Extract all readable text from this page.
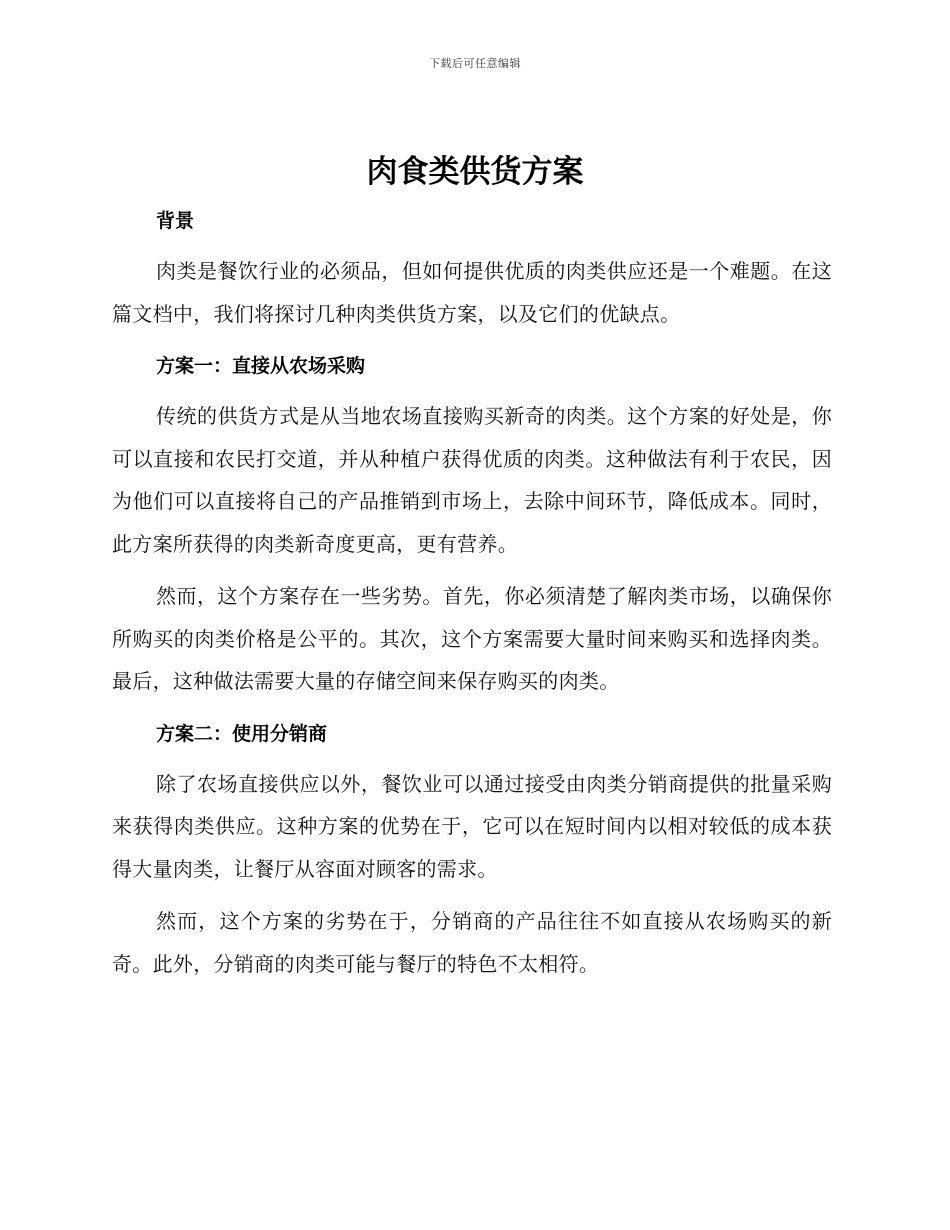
下载后可任意编辑
肉食类供货方案
背景

肉类是餐饮行业的必须品，但如何提供优质的肉类供应还是一个难题。在这篇文档中，我们将探讨几种肉类供货方案，以及它们的优缺点。

方案一：直接从农场采购

传统的供货方式是从当地农场直接购买新奇的肉类。这个方案的好处是，你可以直接和农民打交道，并从种植户获得优质的肉类。这种做法有利于农民，因为他们可以直接将自己的产品推销到市场上，去除中间环节，降低成本。同时，此方案所获得的肉类新奇度更高，更有营养。

然而，这个方案存在一些劣势。首先，你必须清楚了解肉类市场，以确保你所购买的肉类价格是公平的。其次，这个方案需要大量时间来购买和选择肉类。最后，这种做法需要大量的存储空间来保存购买的肉类。

方案二：使用分销商

除了农场直接供应以外，餐饮业可以通过接受由肉类分销商提供的批量采购来获得肉类供应。这种方案的优势在于，它可以在短时间内以相对较低的成本获得大量肉类，让餐厅从容面对顾客的需求。

然而，这个方案的劣势在于，分销商的产品往往不如直接从农场购买的新奇。此外，分销商的肉类可能与餐厅的特色不太相符。
